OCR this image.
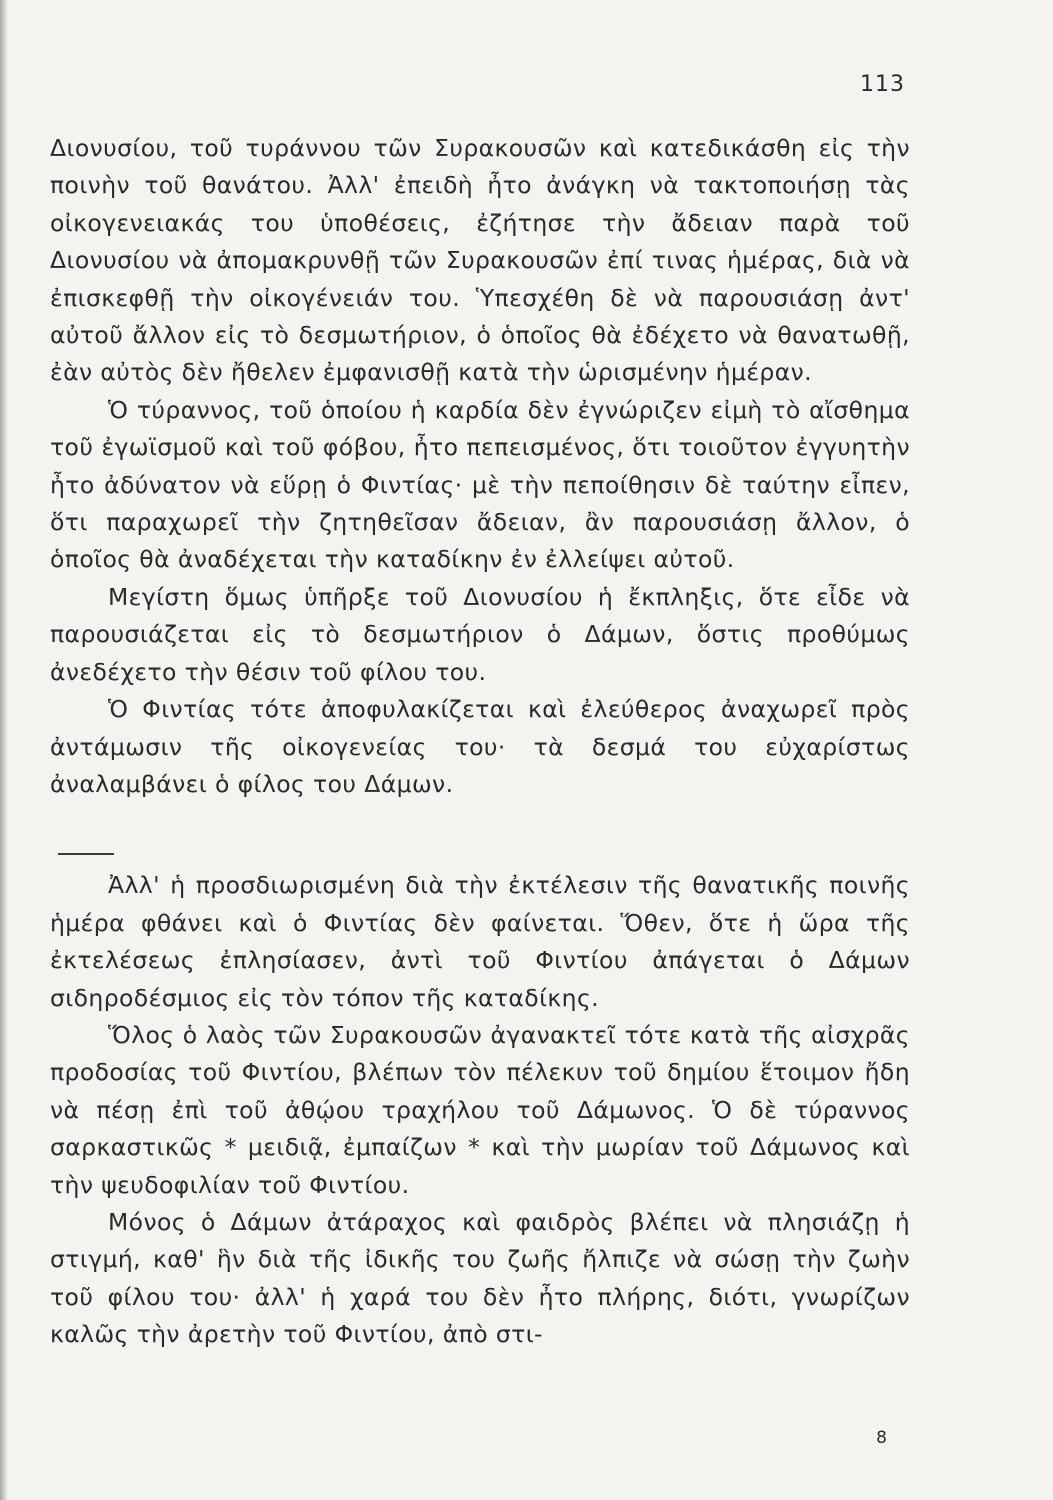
113

Διονυσίου, τοῦ τυράννου τῶν Συρακουσῶν καὶ κατεδικάσθη εἰς τὴν ποινὴν τοῦ θανάτου. Ἀλλ' ἐπειδὴ ἦτο ἀνάγκη νὰ τακτοποιήσῃ τὰς οἰκογενειακάς του ὑποθέσεις, ἐζήτησε τὴν ἄδειαν παρὰ τοῦ Διονυσίου νὰ ἀπομακρυνθῇ τῶν Συρακουσῶν ἐπί τινας ἡμέρας, διὰ νὰ ἐπισκεφθῇ τὴν οἰκογένειάν του. Ὑπεσχέθη δὲ νὰ παρουσιάσῃ ἀντ' αὐτοῦ ἄλλον εἰς τὸ δεσμωτήριον, ὁ ὁποῖος θὰ ἐδέχετο νὰ θανατωθῇ, ἐὰν αὐτὸς δὲν ἤθελεν ἐμφανισθῇ κατὰ τὴν ὡρισμένην ἡμέραν.

Ὁ τύραννος, τοῦ ὁποίου ἡ καρδία δὲν ἐγνώριζεν εἰμὴ τὸ αἴσθημα τοῦ ἐγωϊσμοῦ καὶ τοῦ φόβου, ἦτο πεπεισμένος, ὅτι τοιοῦτον ἐγγυητὴν ἦτο ἀδύνατον νὰ εὕρῃ ὁ Φιντίας· μὲ τὴν πεποίθησιν δὲ ταύτην εἶπεν, ὅτι παραχωρεῖ τὴν ζητηθεῖσαν ἄδειαν, ἂν παρουσιάσῃ ἄλλον, ὁ ὁποῖος θὰ ἀναδέχεται τὴν καταδίκην ἐν ἐλλείψει αὐτοῦ.

Μεγίστη ὅμως ὑπῆρξε τοῦ Διονυσίου ἡ ἔκπληξις, ὅτε εἶδε νὰ παρουσιάζεται εἰς τὸ δεσμωτήριον ὁ Δάμων, ὅστις προθύμως ἀνεδέχετο τὴν θέσιν τοῦ φίλου του.

Ὁ Φιντίας τότε ἀποφυλακίζεται καὶ ἐλεύθερος ἀναχωρεῖ πρὸς ἀντάμωσιν τῆς οἰκογενείας του· τὰ δεσμά του εὐχαρίστως ἀναλαμβάνει ὁ φίλος του Δάμων.

Ἀλλ' ἡ προσδιωρισμένη διὰ τὴν ἐκτέλεσιν τῆς θανατικῆς ποινῆς ἡμέρα φθάνει καὶ ὁ Φιντίας δὲν φαίνεται. Ὅθεν, ὅτε ἡ ὥρα τῆς ἐκτελέσεως ἐπλησίασεν, ἀντὶ τοῦ Φιντίου ἀπάγεται ὁ Δάμων σιδηροδέσμιος εἰς τὸν τόπον τῆς καταδίκης.

Ὅλος ὁ λαὸς τῶν Συρακουσῶν ἀγανακτεῖ τότε κατὰ τῆς αἰσχρᾶς προδοσίας τοῦ Φιντίου, βλέπων τὸν πέλεκυν τοῦ δημίου ἕτοιμον ἤδη νὰ πέσῃ ἐπὶ τοῦ ἀθῴου τραχήλου τοῦ Δάμωνος. Ὁ δὲ τύραννος σαρκαστικῶς * μειδιᾷ, ἐμπαίζων * καὶ τὴν μωρίαν τοῦ Δάμωνος καὶ τὴν ψευδοφιλίαν τοῦ Φιντίου.

Μόνος ὁ Δάμων ἀτάραχος καὶ φαιδρὸς βλέπει νὰ πλησιάζῃ ἡ στιγμή, καθ' ἣν διὰ τῆς ἰδικῆς του ζωῆς ἤλπιζε νὰ σώσῃ τὴν ζωὴν τοῦ φίλου του· ἀλλ' ἡ χαρά του δὲν ἦτο πλήρης, διότι, γνωρίζων καλῶς τὴν ἀρετὴν τοῦ Φιντίου, ἀπὸ στι-

8
